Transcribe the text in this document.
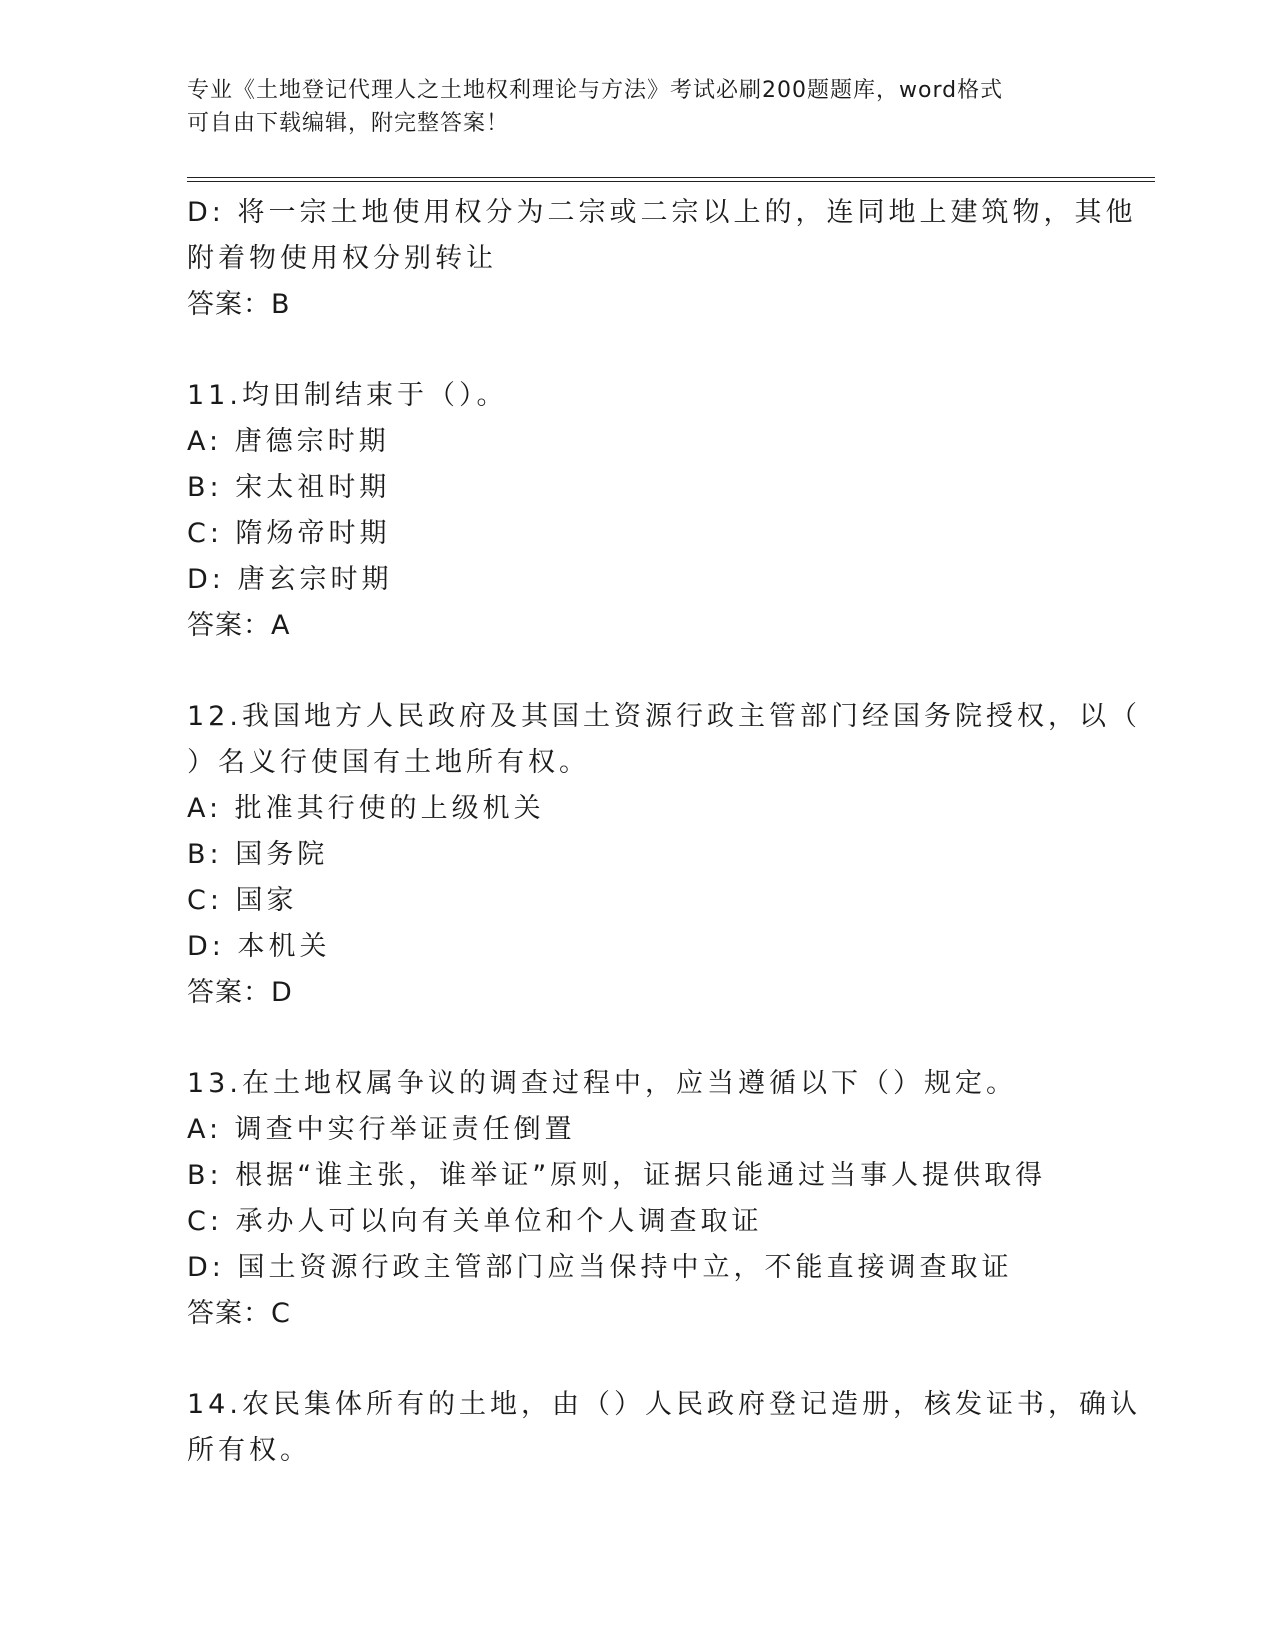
专业《土地登记代理人之土地权利理论与方法》考试必刷200题题库，word格式
可自由下载编辑，附完整答案！
D: 将一宗土地使用权分为二宗或二宗以上的，连同地上建筑物，其他
附着物使用权分别转让
答案：B
11.均田制结束于（）。
A: 唐德宗时期
B: 宋太祖时期
C: 隋炀帝时期
D: 唐玄宗时期
答案：A
12.我国地方人民政府及其国土资源行政主管部门经国务院授权，以（
）名义行使国有土地所有权。
A: 批准其行使的上级机关
B: 国务院
C: 国家
D: 本机关
答案：D
13.在土地权属争议的调查过程中，应当遵循以下（）规定。
A: 调查中实行举证责任倒置
B: 根据“谁主张，谁举证”原则，证据只能通过当事人提供取得
C: 承办人可以向有关单位和个人调查取证
D: 国土资源行政主管部门应当保持中立，不能直接调查取证
答案：C
14.农民集体所有的土地，由（）人民政府登记造册，核发证书，确认
所有权。
